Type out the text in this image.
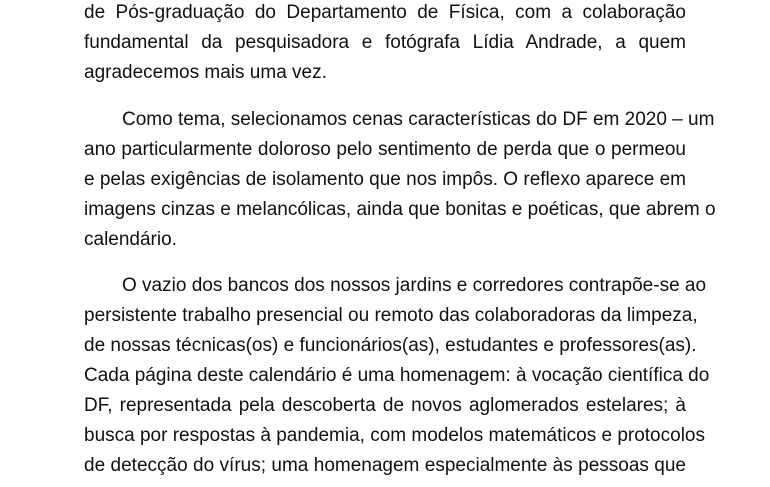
de Pós-graduação do Departamento de Física, com a colaboração
fundamental da pesquisadora e fotógrafa Lídia Andrade, a quem
agradecemos mais uma vez.
Como tema, selecionamos cenas características do DF em 2020 – um
ano particularmente doloroso pelo sentimento de perda que o permeou
e pelas exigências de isolamento que nos impôs. O reflexo aparece em
imagens cinzas e melancólicas, ainda que bonitas e poéticas, que abrem o
calendário.
O vazio dos bancos dos nossos jardins e corredores contrapõe-se ao
persistente trabalho presencial ou remoto das colaboradoras da limpeza,
de nossas técnicas(os) e funcionários(as), estudantes e professores(as).
Cada página deste calendário é uma homenagem: à vocação científica do
DF, representada pela descoberta de novos aglomerados estelares; à
busca por respostas à pandemia, com modelos matemáticos e protocolos
de detecção do vírus; uma homenagem especialmente às pessoas que
